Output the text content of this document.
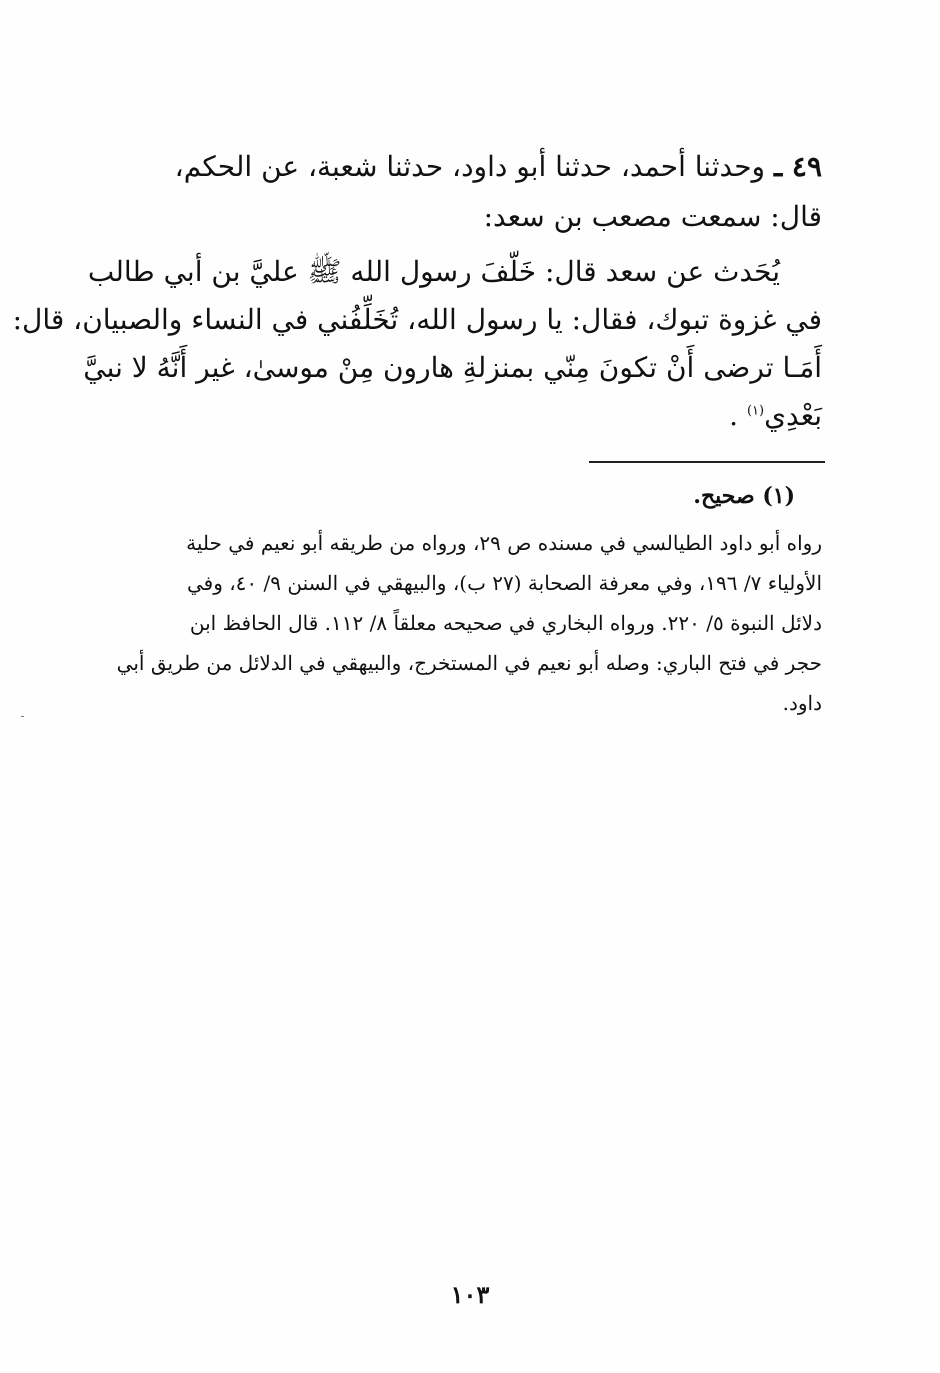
٤٩ ـ وحدثنا أحمد، حدثنا أبو داود، حدثنا شعبة، عن الحكم،
قال: سمعت مصعب بن سعد:
يُحَدث عن سعد قال: خَلّفَ رسول الله ﷺ عليَّ بن أبي طالب
في غزوة تبوك، فقال: يا رسول الله، تُخَلِّفُني في النساء والصبيان، قال:
أَمَـا ترضى أَنْ تكونَ مِنّي بمنزلةِ هارون مِنْ موسىٰ، غير أَنَّهُ لا نبيَّ
بَعْدِي$^{(١)}$ .
(١) صحيح.
رواه أبو داود الطيالسي في مسنده ص ٢٩، ورواه من طريقه أبو نعيم في حلية
الأولياء ٧/ ١٩٦، وفي معرفة الصحابة (٢٧ ب)، والبيهقي في السنن ٩/ ٤٠، وفي
دلائل النبوة ٥/ ٢٢٠. ورواه البخاري في صحيحه معلقاً ٨/ ١١٢. قال الحافظ ابن
حجر في فتح الباري: وصله أبو نعيم في المستخرج، والبيهقي في الدلائل من طريق أبي
داود.
١٠٣
